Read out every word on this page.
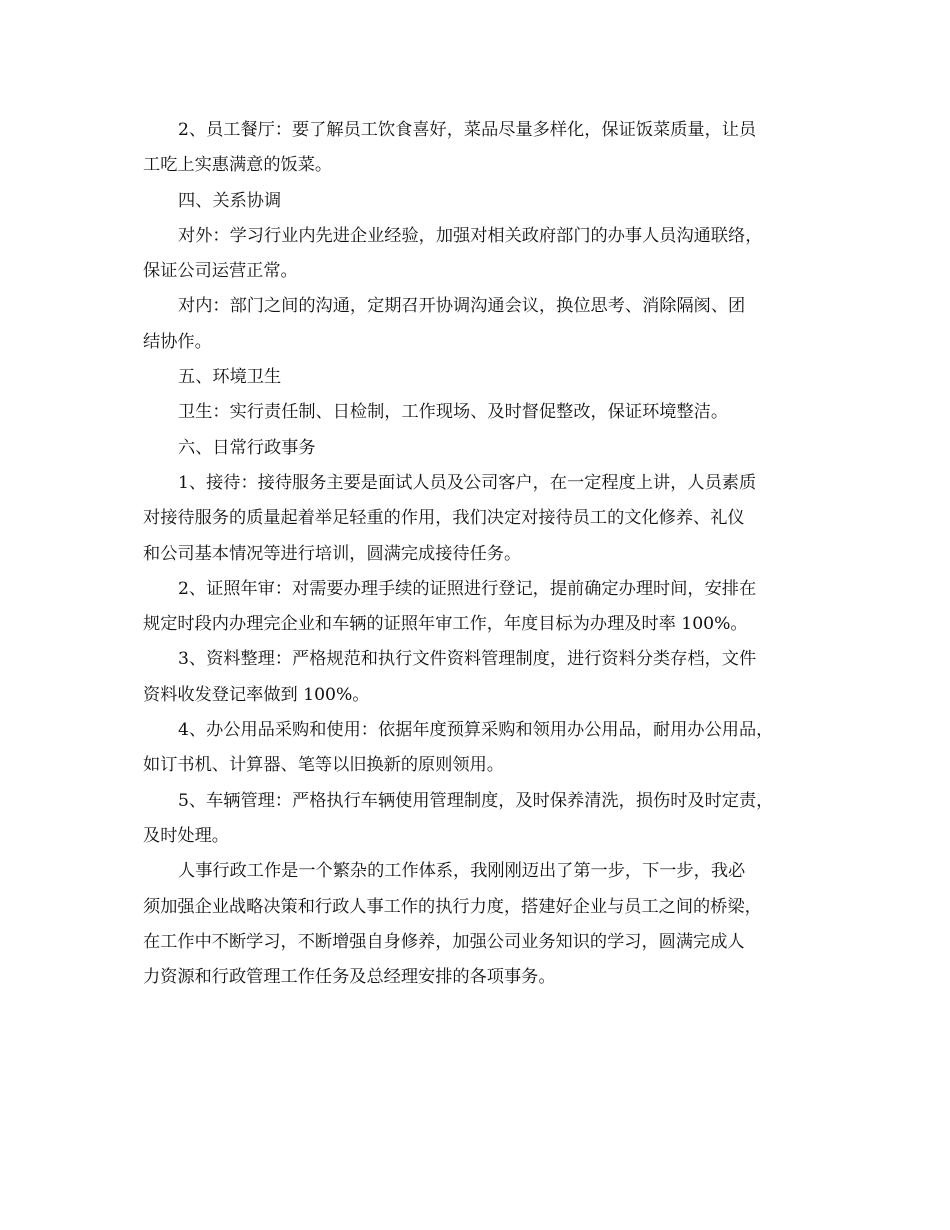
2、员工餐厅：要了解员工饮食喜好，菜品尽量多样化，保证饭菜质量，让员
工吃上实惠满意的饭菜。

四、关系协调

对外：学习行业内先进企业经验，加强对相关政府部门的办事人员沟通联络，
保证公司运营正常。

对内：部门之间的沟通，定期召开协调沟通会议，换位思考、消除隔阂、团
结协作。

五、环境卫生

卫生：实行责任制、日检制，工作现场、及时督促整改，保证环境整洁。

六、日常行政事务

1、接待：接待服务主要是面试人员及公司客户，在一定程度上讲，人员素质
对接待服务的质量起着举足轻重的作用，我们决定对接待员工的文化修养、礼仪
和公司基本情况等进行培训，圆满完成接待任务。

2、证照年审：对需要办理手续的证照进行登记，提前确定办理时间，安排在
规定时段内办理完企业和车辆的证照年审工作，年度目标为办理及时率 100%。

3、资料整理：严格规范和执行文件资料管理制度，进行资料分类存档，文件
资料收发登记率做到 100%。

4、办公用品采购和使用：依据年度预算采购和领用办公用品，耐用办公用品，
如订书机、计算器、笔等以旧换新的原则领用。

5、车辆管理：严格执行车辆使用管理制度，及时保养清洗，损伤时及时定责，
及时处理。

人事行政工作是一个繁杂的工作体系，我刚刚迈出了第一步，下一步，我必
须加强企业战略决策和行政人事工作的执行力度，搭建好企业与员工之间的桥梁，
在工作中不断学习，不断增强自身修养，加强公司业务知识的学习，圆满完成人
力资源和行政管理工作任务及总经理安排的各项事务。
